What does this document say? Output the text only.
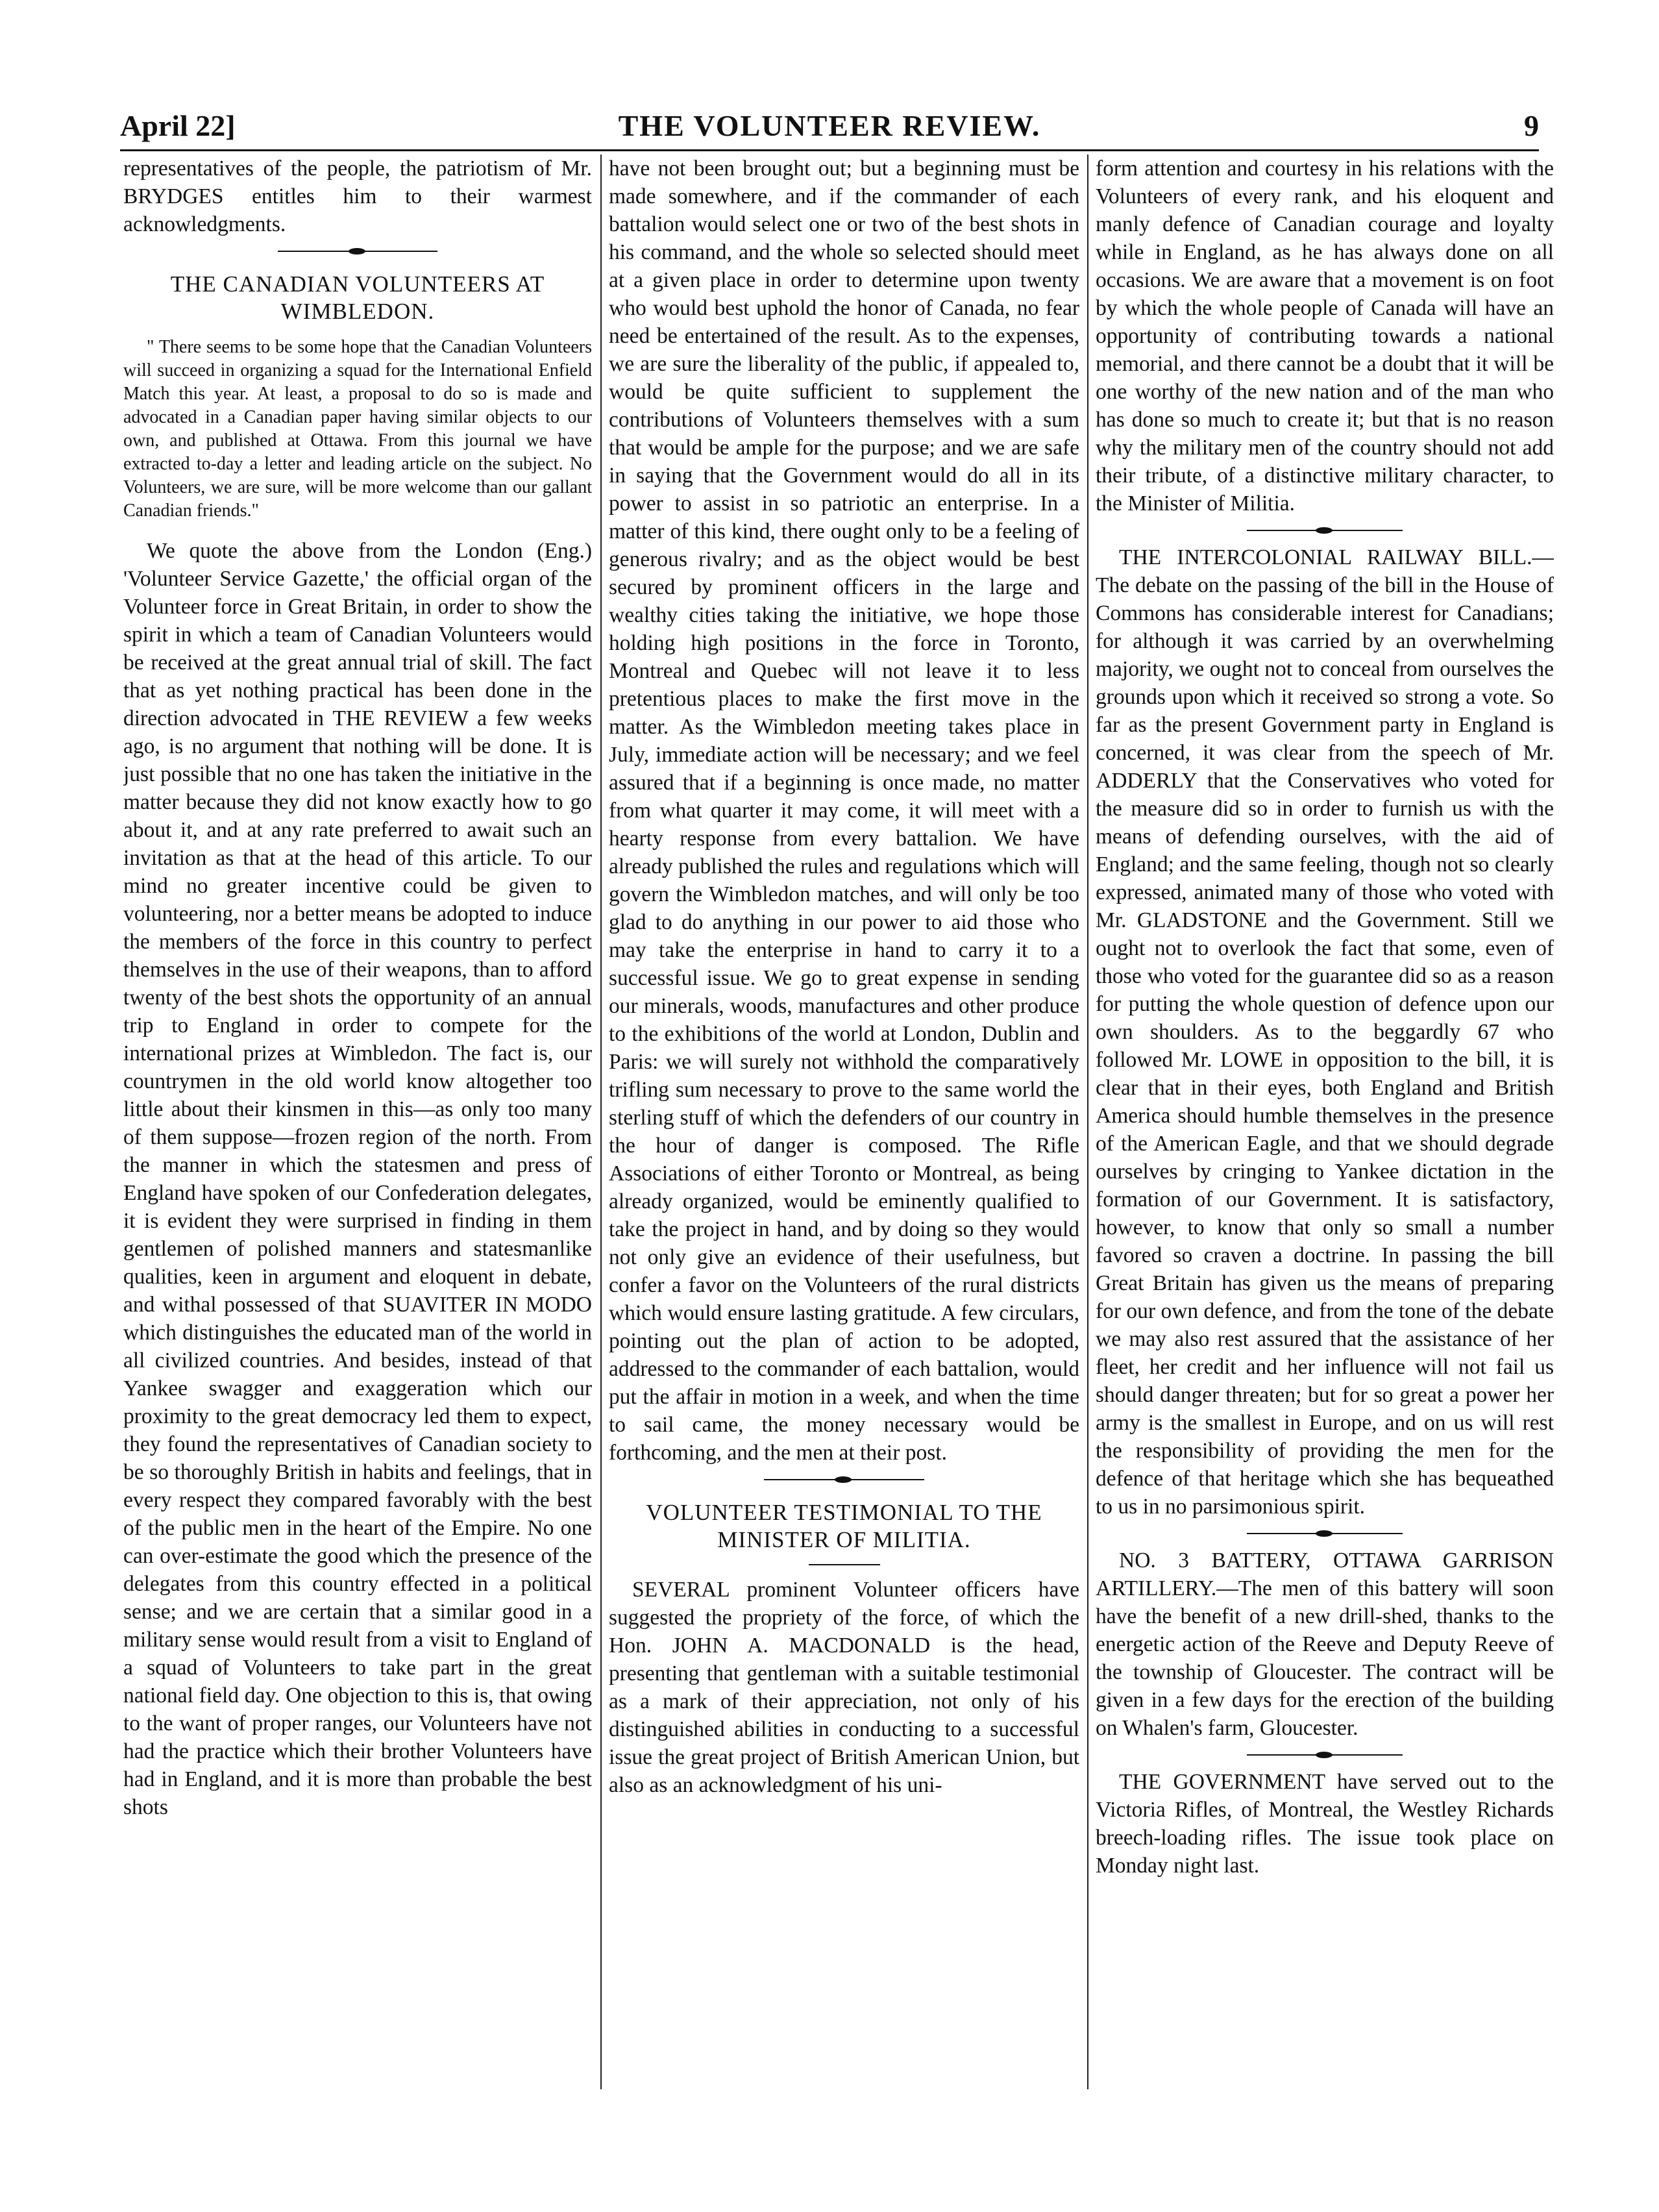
April 22]	THE VOLUNTEER REVIEW.	9

representatives of the people, the patriotism of Mr. BRYDGES entitles him to their warmest acknowledgments.

THE CANADIAN VOLUNTEERS AT WIMBLEDON.

" There seems to be some hope that the Canadian Volunteers will succeed in organizing a squad for the International Enfield Match this year. At least, a proposal to do so is made and advocated in a Canadian paper having similar objects to our own, and published at Ottawa. From this journal we have extracted to-day a letter and leading article on the subject. No Volunteers, we are sure, will be more welcome than our gallant Canadian friends."

We quote the above from the London (Eng.) 'Volunteer Service Gazette,' the official organ of the Volunteer force in Great Britain, in order to show the spirit in which a team of Canadian Volunteers would be received at the great annual trial of skill. The fact that as yet nothing practical has been done in the direction advocated in THE REVIEW a few weeks ago, is no argument that nothing will be done. It is just possible that no one has taken the initiative in the matter because they did not know exactly how to go about it, and at any rate preferred to await such an invitation as that at the head of this article. To our mind no greater incentive could be given to volunteering, nor a better means be adopted to induce the members of the force in this country to perfect themselves in the use of their weapons, than to afford twenty of the best shots the opportunity of an annual trip to England in order to compete for the international prizes at Wimbledon. The fact is, our countrymen in the old world know altogether too little about their kinsmen in this—as only too many of them suppose—frozen region of the north. From the manner in which the statesmen and press of England have spoken of our Confederation delegates, it is evident they were surprised in finding in them gentlemen of polished manners and statesmanlike qualities, keen in argument and eloquent in debate, and withal possessed of that SUAVITER IN MODO which distinguishes the educated man of the world in all civilized countries. And besides, instead of that Yankee swagger and exaggeration which our proximity to the great democracy led them to expect, they found the representatives of Canadian society to be so thoroughly British in habits and feelings, that in every respect they compared favorably with the best of the public men in the heart of the Empire. No one can over-estimate the good which the presence of the delegates from this country effected in a political sense; and we are certain that a similar good in a military sense would result from a visit to England of a squad of Volunteers to take part in the great national field day. One objection to this is, that owing to the want of proper ranges, our Volunteers have not had the practice which their brother Volunteers have had in England, and it is more than probable the best shots

have not been brought out; but a beginning must be made somewhere, and if the commander of each battalion would select one or two of the best shots in his command, and the whole so selected should meet at a given place in order to determine upon twenty who would best uphold the honor of Canada, no fear need be entertained of the result. As to the expenses, we are sure the liberality of the public, if appealed to, would be quite sufficient to supplement the contributions of Volunteers themselves with a sum that would be ample for the purpose; and we are safe in saying that the Government would do all in its power to assist in so patriotic an enterprise. In a matter of this kind, there ought only to be a feeling of generous rivalry; and as the object would be best secured by prominent officers in the large and wealthy cities taking the initiative, we hope those holding high positions in the force in Toronto, Montreal and Quebec will not leave it to less pretentious places to make the first move in the matter. As the Wimbledon meeting takes place in July, immediate action will be necessary; and we feel assured that if a beginning is once made, no matter from what quarter it may come, it will meet with a hearty response from every battalion. We have already published the rules and regulations which will govern the Wimbledon matches, and will only be too glad to do anything in our power to aid those who may take the enterprise in hand to carry it to a successful issue. We go to great expense in sending our minerals, woods, manufactures and other produce to the exhibitions of the world at London, Dublin and Paris: we will surely not withhold the comparatively trifling sum necessary to prove to the same world the sterling stuff of which the defenders of our country in the hour of danger is composed. The Rifle Associations of either Toronto or Montreal, as being already organized, would be eminently qualified to take the project in hand, and by doing so they would not only give an evidence of their usefulness, but confer a favor on the Volunteers of the rural districts which would ensure lasting gratitude. A few circulars, pointing out the plan of action to be adopted, addressed to the commander of each battalion, would put the affair in motion in a week, and when the time to sail came, the money necessary would be forthcoming, and the men at their post.

VOLUNTEER TESTIMONIAL TO THE MINISTER OF MILITIA.

SEVERAL prominent Volunteer officers have suggested the propriety of the force, of which the Hon. JOHN A. MACDONALD is the head, presenting that gentleman with a suitable testimonial as a mark of their appreciation, not only of his distinguished abilities in conducting to a successful issue the great project of British American Union, but also as an acknowledgment of his uni-

form attention and courtesy in his relations with the Volunteers of every rank, and his eloquent and manly defence of Canadian courage and loyalty while in England, as he has always done on all occasions. We are aware that a movement is on foot by which the whole people of Canada will have an opportunity of contributing towards a national memorial, and there cannot be a doubt that it will be one worthy of the new nation and of the man who has done so much to create it; but that is no reason why the military men of the country should not add their tribute, of a distinctive military character, to the Minister of Militia.

THE INTERCOLONIAL RAILWAY BILL.—The debate on the passing of the bill in the House of Commons has considerable interest for Canadians; for although it was carried by an overwhelming majority, we ought not to conceal from ourselves the grounds upon which it received so strong a vote. So far as the present Government party in England is concerned, it was clear from the speech of Mr. ADDERLY that the Conservatives who voted for the measure did so in order to furnish us with the means of defending ourselves, with the aid of England; and the same feeling, though not so clearly expressed, animated many of those who voted with Mr. GLADSTONE and the Government. Still we ought not to overlook the fact that some, even of those who voted for the guarantee did so as a reason for putting the whole question of defence upon our own shoulders. As to the beggardly 67 who followed Mr. LOWE in opposition to the bill, it is clear that in their eyes, both England and British America should humble themselves in the presence of the American Eagle, and that we should degrade ourselves by cringing to Yankee dictation in the formation of our Government. It is satisfactory, however, to know that only so small a number favored so craven a doctrine. In passing the bill Great Britain has given us the means of preparing for our own defence, and from the tone of the debate we may also rest assured that the assistance of her fleet, her credit and her influence will not fail us should danger threaten; but for so great a power her army is the smallest in Europe, and on us will rest the responsibility of providing the men for the defence of that heritage which she has bequeathed to us in no parsimonious spirit.

NO. 3 BATTERY, OTTAWA GARRISON ARTILLERY.—The men of this battery will soon have the benefit of a new drill-shed, thanks to the energetic action of the Reeve and Deputy Reeve of the township of Gloucester. The contract will be given in a few days for the erection of the building on Whalen's farm, Gloucester.

THE GOVERNMENT have served out to the Victoria Rifles, of Montreal, the Westley Richards breech-loading rifles. The issue took place on Monday night last.
